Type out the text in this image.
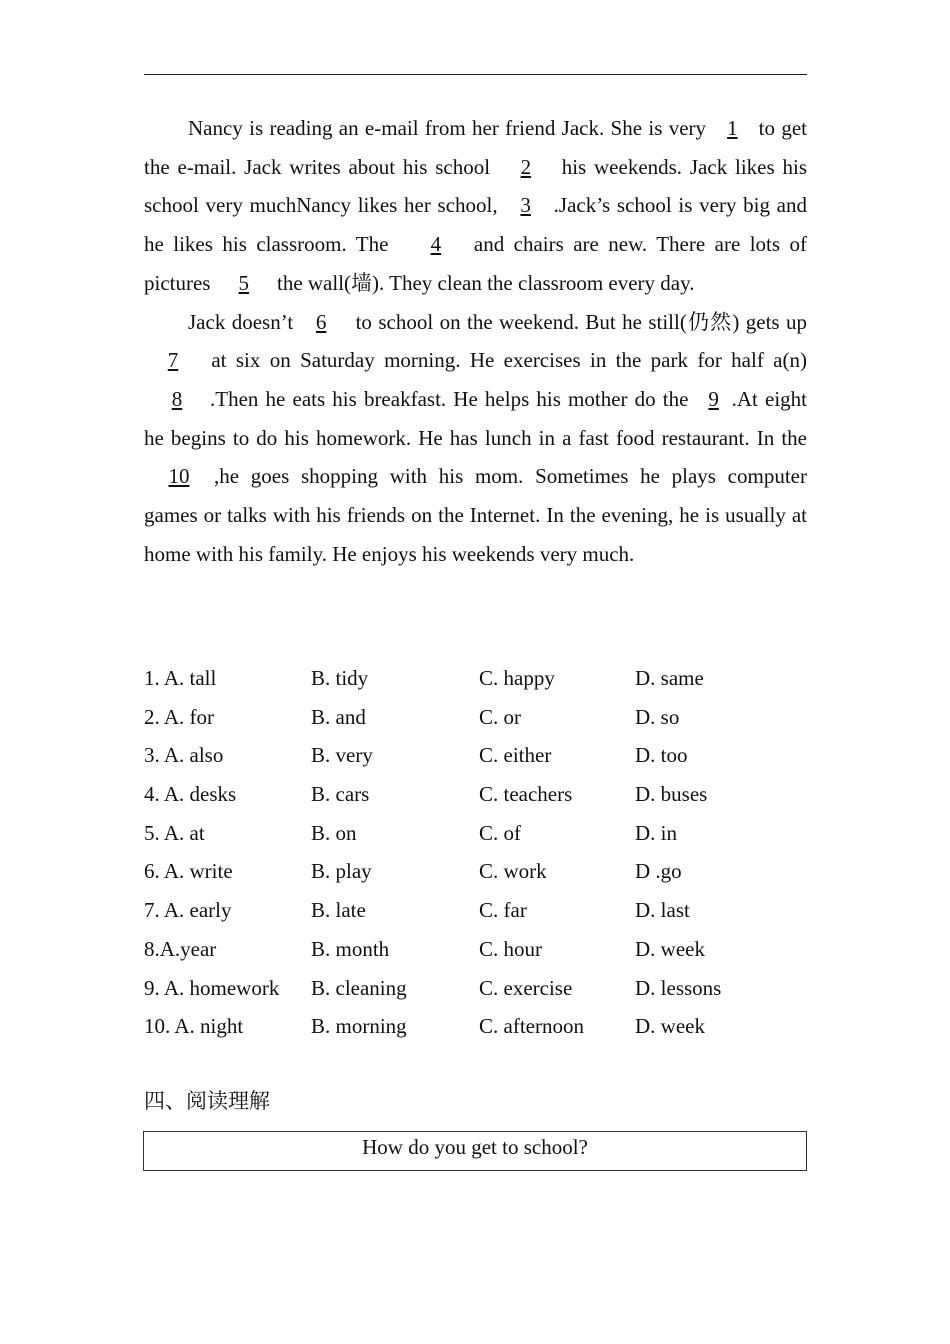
Nancy is reading an e-mail from her friend Jack. She is very 1 to get the e-mail. Jack writes about his school 2 his weekends. Jack likes his school very muchNancy likes her school, 3 .Jack’s school is very big and he likes his classroom. The 4 and chairs are new. There are lots of pictures 5 the wall(墙). They clean the classroom every day.

Jack doesn’t 6 to school on the weekend. But he still(仍然) gets up 7 at six on Saturday morning. He exercises in the park for half a(n) 8 .Then he eats his breakfast. He helps his mother do the 9 .At eight he begins to do his homework. He has lunch in a fast food restaurant. In the10 ,he goes shopping with his mom. Sometimes he plays computer games or talks with his friends on the Internet. In the evening, he is usually at home with his family. He enjoys his weekends very much.

1. A. tall	B. tidy	C. happy	D. same
2. A. for	B. and	C. or	D. so
3. A. also	B. very	C. either	D. too
4. A. desks	B. cars	C. teachers	D. buses
5. A. at	B. on	C. of	D. in
6. A. write	B. play	C. work	D .go
7. A. early	B. late	C. far	D. last
8.A.year	B. month	C. hour	D. week
9. A. homework B. cleaning	C. exercise	D. lessons
10. A. night	B. morning	C. afternoon D. week
四、阅读理解
How do you get to school?
